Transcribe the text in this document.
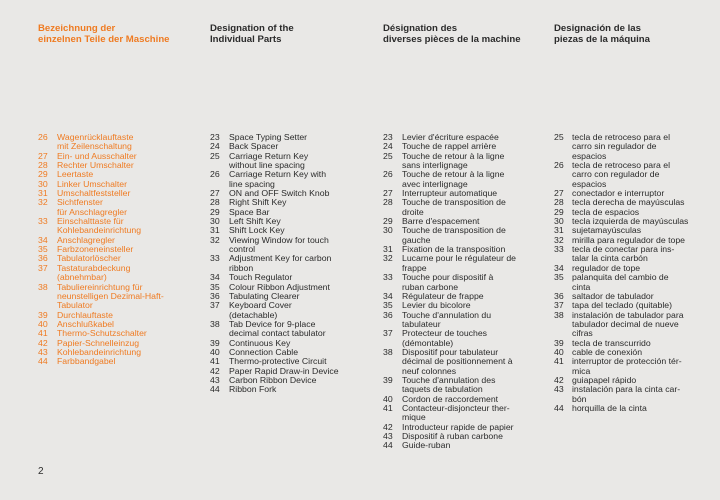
Bezeichnung der
einzelnen Teile der Maschine
26	Wagenrücklauftaste
mit Zeilenschaltung
27	Ein- und Ausschalter
28	Rechter Umschalter
29	Leertaste
30	Linker Umschalter
31	Umschaltfeststeller
32	Sichtfenster
für Anschlagregler
33	Einschalttaste für
Kohlebandeinrichtung
34	Anschlagregler
35	Farbzoneneinsteller
36	Tabulatorlöscher
37	Tastaturabdeckung
(abnehmbar)
38	Tabuliereinrichtung für
neunstelligen Dezimal-Haft-
Tabulator
39	Durchlauftaste
40	Anschlußkabel
41	Thermo-Schutzschalter
42	Papier-Schnelleinzug
43	Kohlebandeinrichtung
44	Farbbandgabel
Designation of the
Individual Parts
23	Space Typing Setter
24	Back Spacer
25	Carriage Return Key
without line spacing
26	Carriage Return Key with
line spacing
27	ON and OFF Switch Knob
28	Right Shift Key
29	Space Bar
30	Left Shift Key
31	Shift Lock Key
32	Viewing Window for touch
control
33	Adjustment Key for carbon
ribbon
34	Touch Regulator
35	Colour Ribbon Adjustment
36	Tabulating Clearer
37	Keyboard Cover
(detachable)
38	Tab Device for 9-place
decimal contact tabulator
39	Continuous Key
40	Connection Cable
41	Thermo-protective Circuit
42	Paper Rapid Draw-in Device
43	Carbon Ribbon Device
44	Ribbon Fork
Désignation des
diverses pièces de la machine
23	Levier d'écriture espacée
24	Touche de rappel arrière
25	Touche de retour à la ligne
sans interlignage
26	Touche de retour à la ligne
avec interlignage
27	Interrupteur automatique
28	Touche de transposition de
droite
29	Barre d'espacement
30	Touche de transposition de
gauche
31	Fixation de la transposition
32	Lucarne pour le régulateur de
frappe
33	Touche pour dispositif à
ruban carbone
34	Régulateur de frappe
35	Levier du bicolore
36	Touche d'annulation du
tabulateur
37	Protecteur de touches
(démontable)
38	Dispositif pour tabulateur
décimal de positionnement à
neuf colonnes
39	Touche d'annulation des
taquets de tabulation
40	Cordon de raccordement
41	Contacteur-disjoncteur ther-
mique
42	Introducteur rapide de papier
43	Dispositif à ruban carbone
44	Guide-ruban
Designación de las
piezas de la máquina
25 tecla de retroceso para el
carro sin regulador de
espacios
26 tecla de retroceso para el
carro con regulador de
espacios
27 conectador e interruptor
28 tecla derecha de mayúsculas
29 tecla de espacios
30 tecla izquierda de mayúsculas
31 sujetamayúsculas
32 mirilla para regulador de tope
33 tecla de conectar para ins-
talar la cinta carbón
34 regulador de tope
35 palanquita del cambio de
cinta
36 saltador de tabulador
37 tapa del teclado (quitable)
38 instalación de tabulador para
tabulador decimal de nueve
cifras
39 tecla de transcurrido
40 cable de conexión
41 interruptor de protección tér-
mica
42 guiapapel rápido
43 instalación para la cinta car-
bón
44 horquilla de la cinta
2
